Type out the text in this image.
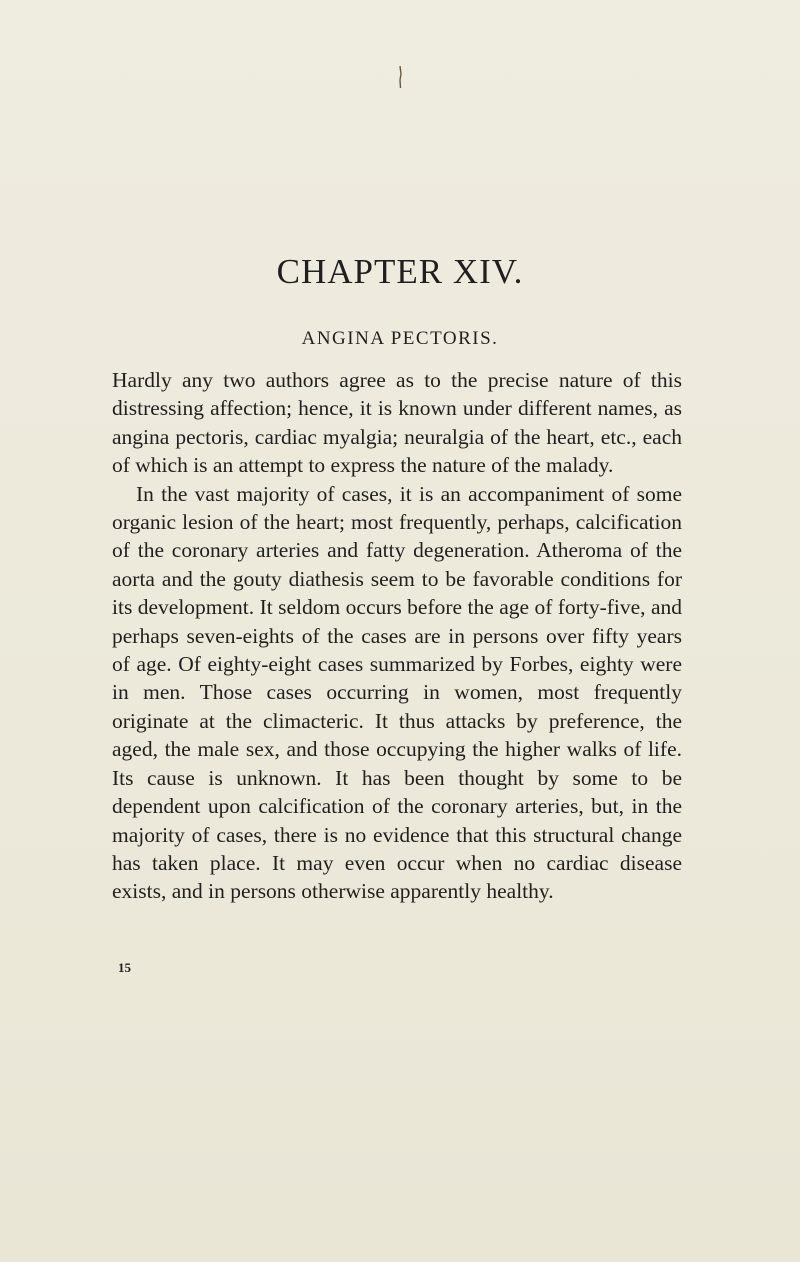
CHAPTER XIV.
ANGINA PECTORIS.

Hardly any two authors agree as to the precise nature of this distressing affection; hence, it is known under different names, as angina pectoris, cardiac myalgia; neuralgia of the heart, etc., each of which is an attempt to express the nature of the malady.

In the vast majority of cases, it is an accompaniment of some organic lesion of the heart; most frequently, perhaps, calcification of the coronary arteries and fatty degeneration. Atheroma of the aorta and the gouty diathesis seem to be favorable conditions for its development. It seldom occurs before the age of forty-five, and perhaps seven-eights of the cases are in persons over fifty years of age. Of eighty-eight cases summarized by Forbes, eighty were in men. Those cases occurring in women, most frequently originate at the climacteric. It thus attacks by preference, the aged, the male sex, and those occupying the higher walks of life. Its cause is unknown. It has been thought by some to be dependent upon calcification of the coronary arteries, but, in the majority of cases, there is no evidence that this structural change has taken place. It may even occur when no cardiac disease exists, and in persons otherwise apparently healthy.

15
